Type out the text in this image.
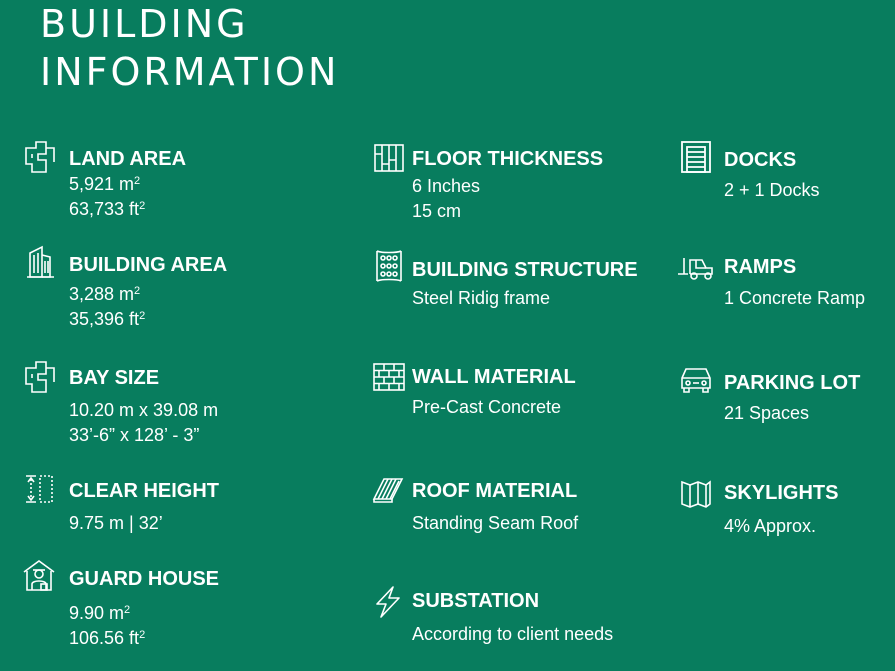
BUILDING
INFORMATION
LAND AREA
5,921 $m^2$
63,733 $ft^2$
BUILDING AREA
3,288 $m^2$
35,396 $ft^2$
BAY SIZE
10.20 m x 39.08 m
33’-6” x 128’ - 3”
CLEAR HEIGHT
9.75 m | 32’
GUARD HOUSE
9.90 $m^2$
106.56 $ft^2$
FLOOR THICKNESS
6 Inches
15 cm
BUILDING STRUCTURE
Steel Ridig frame
WALL MATERIAL
Pre-Cast Concrete
ROOF MATERIAL
Standing Seam Roof
SUBSTATION
According to client needs
DOCKS
2 + 1 Docks
RAMPS
1 Concrete Ramp
PARKING LOT
21 Spaces
SKYLIGHTS
4% Approx.
